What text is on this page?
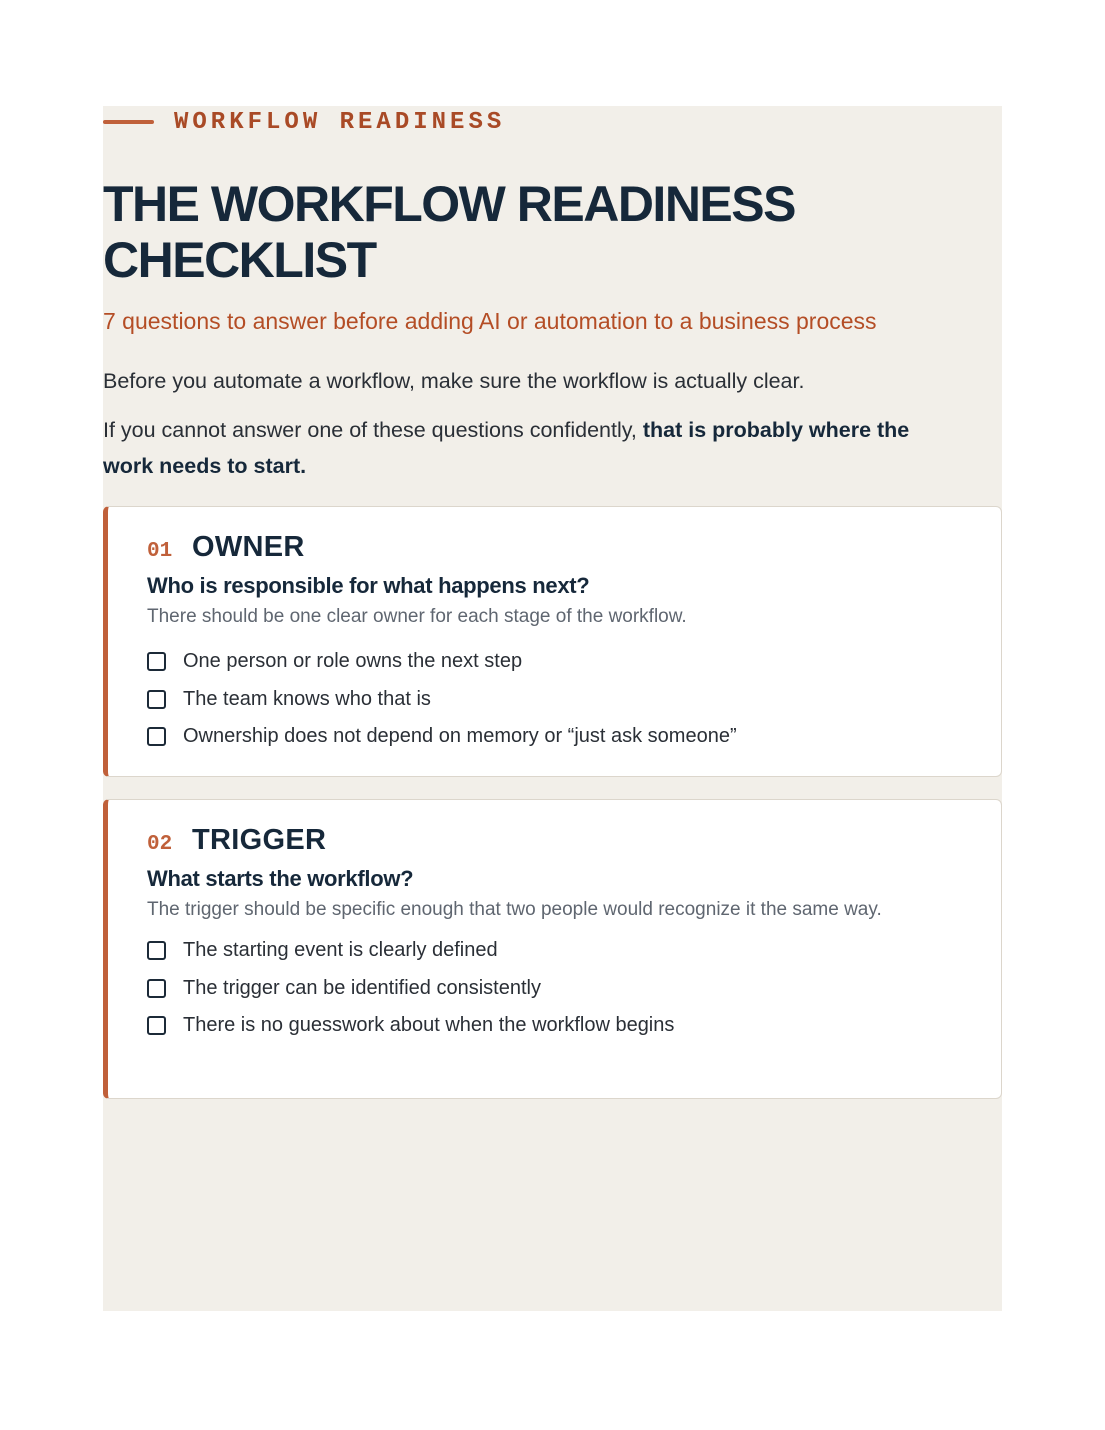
WORKFLOW READINESS
THE WORKFLOW READINESS CHECKLIST
7 questions to answer before adding AI or automation to a business process

Before you automate a workflow, make sure the workflow is actually clear.

If you cannot answer one of these questions confidently, that is probably where the work needs to start.

01 OWNER
Who is responsible for what happens next?
There should be one clear owner for each stage of the workflow.
One person or role owns the next step
The team knows who that is
Ownership does not depend on memory or “just ask someone”
02 TRIGGER
What starts the workflow?
The trigger should be specific enough that two people would recognize it the same way.
The starting event is clearly defined
The trigger can be identified consistently
There is no guesswork about when the workflow begins
